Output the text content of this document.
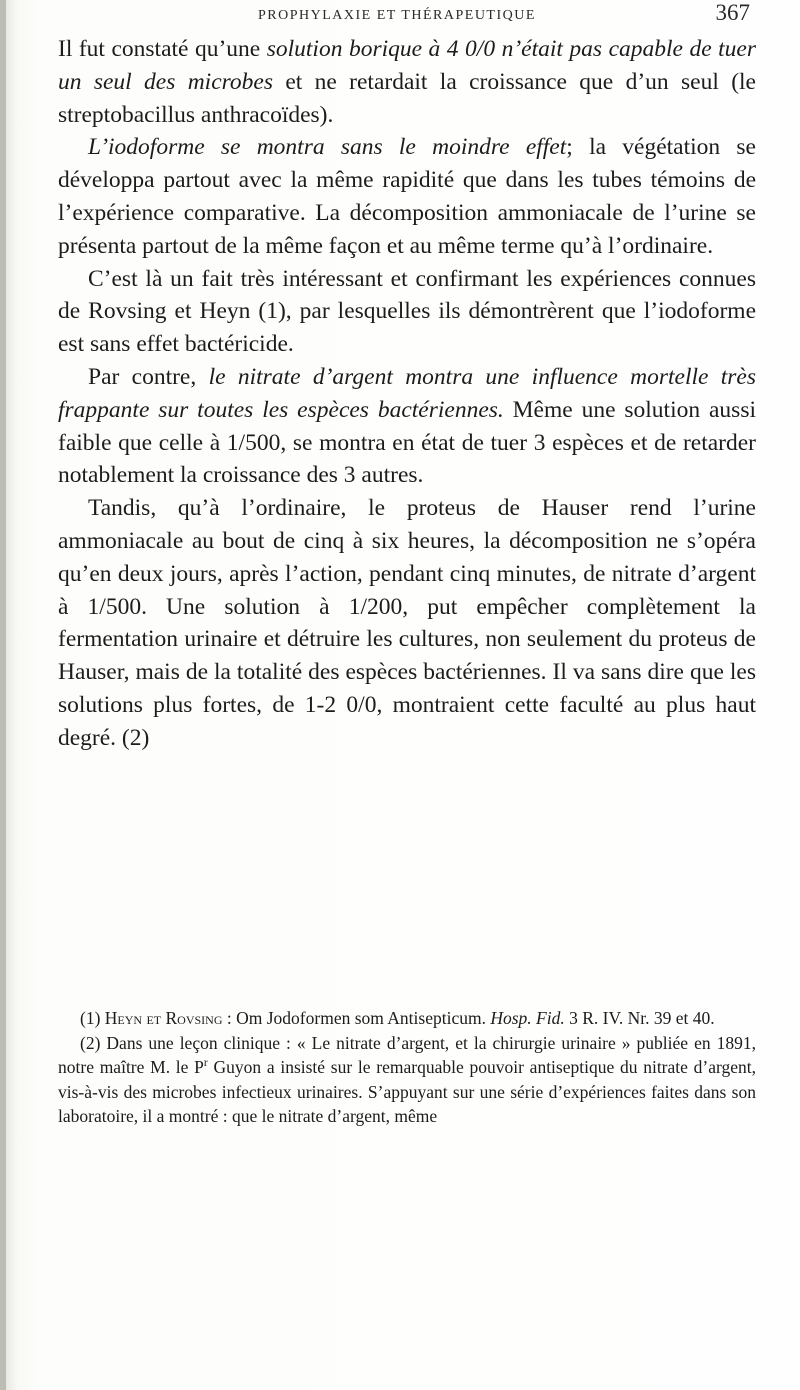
PROPHYLAXIE ET THÉRAPEUTIQUE	367

Il fut constaté qu’une solution borique à 4 0/0 n’était pas capable de tuer un seul des microbes et ne retardait la croissance que d’un seul (le streptobacillus anthracoïdes).

L’iodoforme se montra sans le moindre effet; la végétation se développa partout avec la même rapidité que dans les tubes témoins de l’expérience comparative. La décomposition ammoniacale de l’urine se présenta partout de la même façon et au même terme qu’à l’ordinaire.

C’est là un fait très intéressant et confirmant les expériences connues de Rovsing et Heyn (1), par lesquelles ils démontrèrent que l’iodoforme est sans effet bactéricide.

Par contre, le nitrate d’argent montra une influence mortelle très frappante sur toutes les espèces bactériennes. Même une solution aussi faible que celle à 1/500, se montra en état de tuer 3 espèces et de retarder notablement la croissance des 3 autres.

Tandis, qu’à l’ordinaire, le proteus de Hauser rend l’urine ammoniacale au bout de cinq à six heures, la décomposition ne s’opéra qu’en deux jours, après l’action, pendant cinq minutes, de nitrate d’argent à 1/500. Une solution à 1/200, put empêcher complètement la fermentation urinaire et détruire les cultures, non seulement du proteus de Hauser, mais de la totalité des espèces bactériennes. Il va sans dire que les solutions plus fortes, de 1-2 0/0, montraient cette faculté au plus haut degré. (2)

(1) Heyn et Rovsing : Om Jodoformen som Antisepticum. Hosp. Fid. 3 R. IV. Nr. 39 et 40.

(2) Dans une leçon clinique : « Le nitrate d’argent, et la chirurgie urinaire » publiée en 1891, notre maître M. le $P^r$ Guyon a insisté sur le remarquable pouvoir antiseptique du nitrate d’argent, vis-à-vis des microbes infectieux urinaires. S’appuyant sur une série d’expériences faites dans son laboratoire, il a montré : que le nitrate d’argent, même
